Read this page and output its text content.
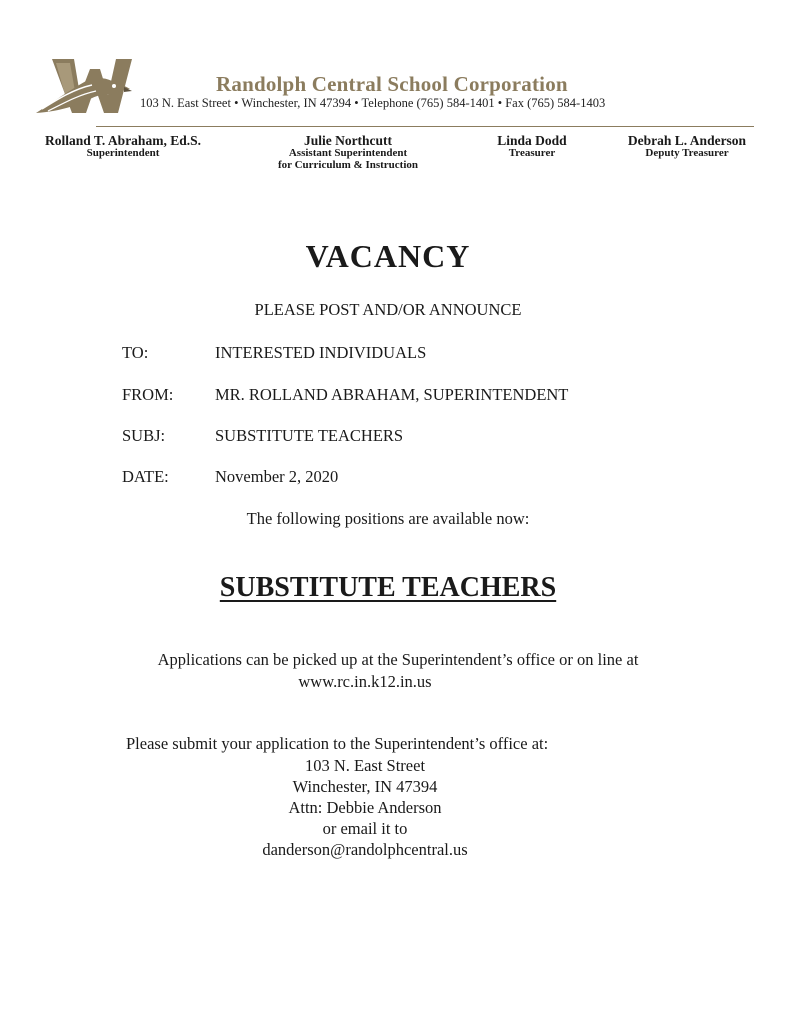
Randolph Central School Corporation
103 N. East Street • Winchester, IN 47394 • Telephone (765) 584-1401 • Fax (765) 584-1403
Rolland T. Abraham, Ed.S.
Superintendent
Julie Northcutt
Assistant Superintendent
for Curriculum & Instruction
Linda Dodd
Treasurer
Debrah L. Anderson
Deputy Treasurer
VACANCY
PLEASE POST AND/OR ANNOUNCE
TO:	INTERESTED INDIVIDUALS
FROM:	MR. ROLLAND ABRAHAM, SUPERINTENDENT
SUBJ:	SUBSTITUTE TEACHERS
DATE:	November 2, 2020
The following positions are available now:
SUBSTITUTE TEACHERS
Applications can be picked up at the Superintendent’s office or on line at
www.rc.in.k12.in.us
Please submit your application to the Superintendent’s office at:
103 N. East Street
Winchester, IN 47394
Attn: Debbie Anderson
or email it to
danderson@randolphcentral.us
